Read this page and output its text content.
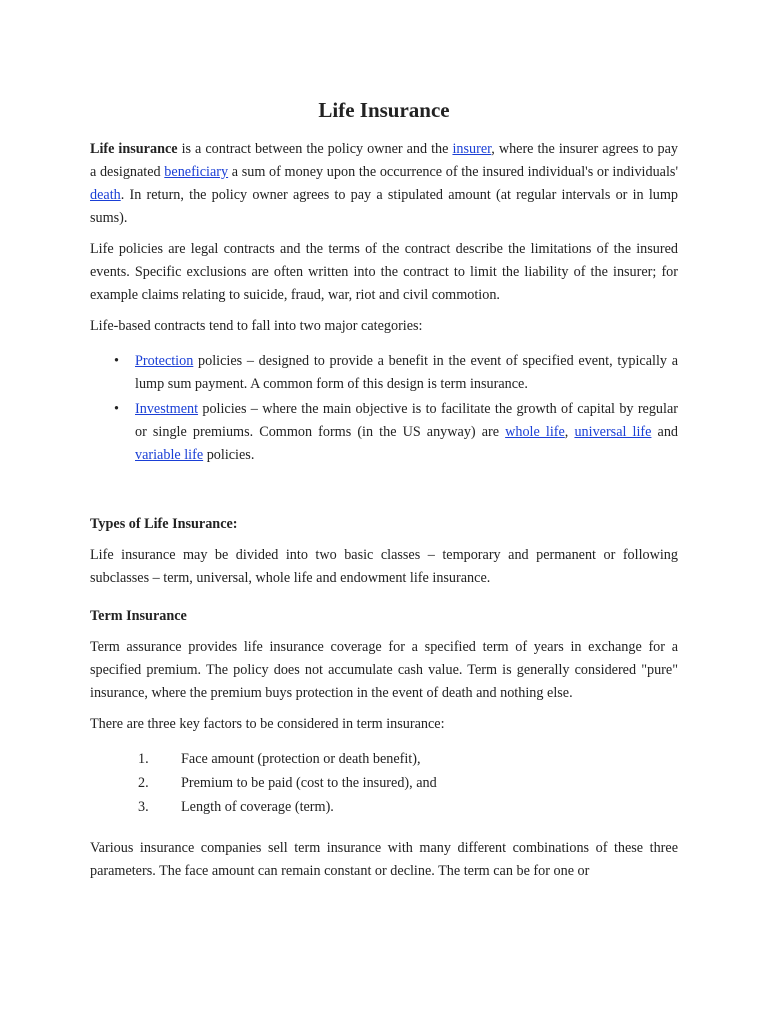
Life Insurance

Life insurance is a contract between the policy owner and the insurer, where the insurer agrees to pay a designated beneficiary a sum of money upon the occurrence of the insured individual's or individuals' death. In return, the policy owner agrees to pay a stipulated amount (at regular intervals or in lump sums).

Life policies are legal contracts and the terms of the contract describe the limitations of the insured events. Specific exclusions are often written into the contract to limit the liability of the insurer; for example claims relating to suicide, fraud, war, riot and civil commotion.

Life-based contracts tend to fall into two major categories:

• Protection policies – designed to provide a benefit in the event of specified event, typically a lump sum payment. A common form of this design is term insurance.
• Investment policies – where the main objective is to facilitate the growth of capital by regular or single premiums. Common forms (in the US anyway) are whole life, universal life and variable life policies.
Types of Life Insurance:

Life insurance may be divided into two basic classes – temporary and permanent or following subclasses – term, universal, whole life and endowment life insurance.

Term Insurance

Term assurance provides life insurance coverage for a specified term of years in exchange for a specified premium. The policy does not accumulate cash value. Term is generally considered "pure" insurance, where the premium buys protection in the event of death and nothing else.

There are three key factors to be considered in term insurance:

1. Face amount (protection or death benefit),
2. Premium to be paid (cost to the insured), and
3. Length of coverage (term).

Various insurance companies sell term insurance with many different combinations of these three parameters. The face amount can remain constant or decline. The term can be for one or
